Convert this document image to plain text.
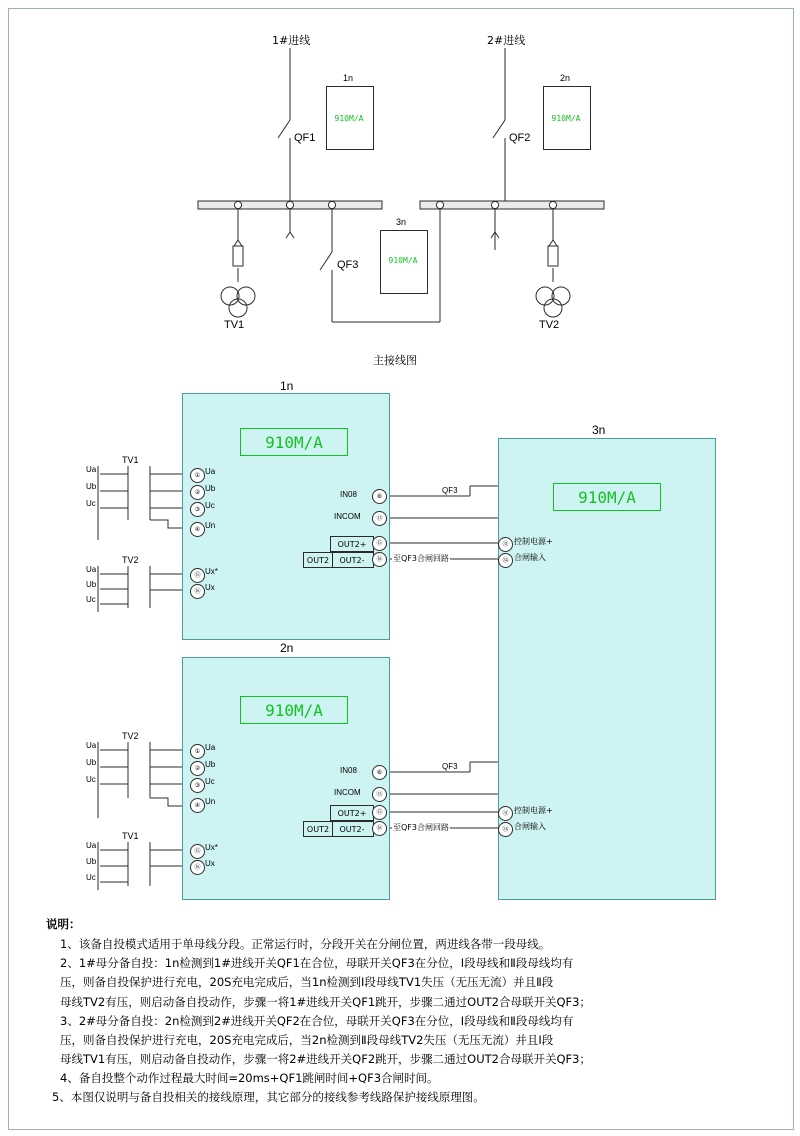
1#进线	2#进线
1n
910M/A
2n
910M/A
3n
910M/A
QF1	QF2
QF3
TV1	TV2
主接线图
1n
910M/A
TV1
TV2
Ua
Ub
Uc
Ua
Ub
Uc
① Ua
② Ub
③ Uc
④ Un
⑮ Ux*
⑯ Ux
IN08	⑧
INCOM	⑬
OUT2+	⑮
OUT2-	⑯
OUT2
QF3
至QF3合闸回路
3n
910M/A
㉛ 控制电源+
㉞ 合闸输入
㉛ 控制电源+
㉞ 合闸输入
2n
910M/A
TV2
TV1
Ua
Ub
Uc
Ua
Ub
Uc
① Ua
② Ub
③ Uc
④ Un
⑮ Ux*
⑯ Ux
IN08	⑧
INCOM	⑬
OUT2+	⑮
OUT2-	⑯
OUT2
QF3
至QF3合闸回路
说明：

1、该备自投模式适用于单母线分段。正常运行时，分段开关在分闸位置，两进线各带一段母线。

2、1#母分备自投：1n检测到1#进线开关QF1在合位，母联开关QF3在分位，Ⅰ段母线和Ⅱ段母线均有

压，则备自投保护进行充电，20S充电完成后，当1n检测到Ⅰ段母线TV1失压（无压无流）并且Ⅱ段

母线TV2有压，则启动备自投动作，步骤一将1#进线开关QF1跳开，步骤二通过OUT2合母联开关QF3；

3、2#母分备自投：2n检测到2#进线开关QF2在合位，母联开关QF3在分位，Ⅰ段母线和Ⅱ段母线均有

压，则备自投保护进行充电，20S充电完成后，当2n检测到Ⅱ段母线TV2失压（无压无流）并且Ⅰ段

母线TV1有压，则启动备自投动作，步骤一将2#进线开关QF2跳开，步骤二通过OUT2合母联开关QF3；

4、备自投整个动作过程最大时间=20ms+QF1跳闸时间+QF3合闸时间。

5、本图仅说明与备自投相关的接线原理，其它部分的接线参考线路保护接线原理图。
